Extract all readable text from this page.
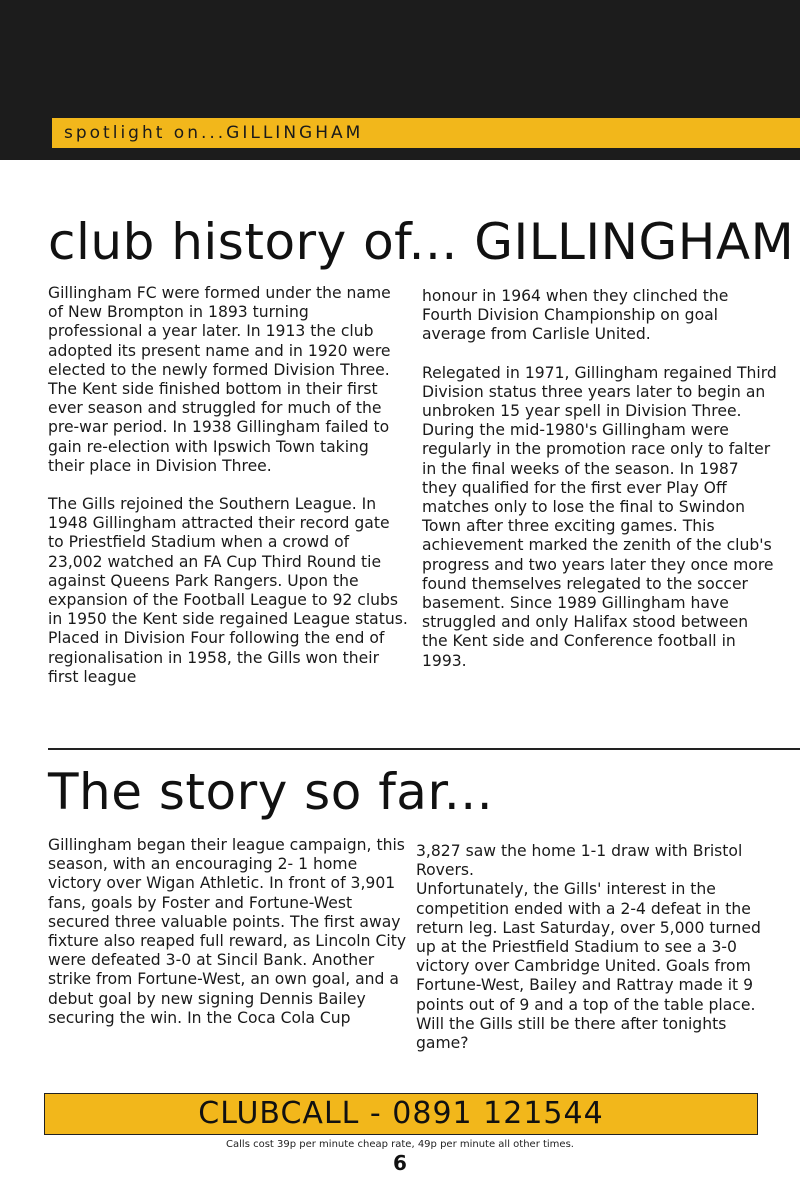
spotlight on...GILLINGHAM
club history of... GILLINGHAM

Gillingham FC were formed under the name of New Brompton in 1893 turning professional a year later. In 1913 the club adopted its present name and in 1920 were elected to the newly formed Division Three. The Kent side finished bottom in their first ever season and struggled for much of the pre-war period. In 1938 Gillingham failed to gain re-election with Ipswich Town taking their place in Division Three.

The Gills rejoined the Southern League. In 1948 Gillingham attracted their record gate to Priestfield Stadium when a crowd of 23,002 watched an FA Cup Third Round tie against Queens Park Rangers. Upon the expansion of the Football League to 92 clubs in 1950 the Kent side regained League status. Placed in Division Four following the end of regionalisation in 1958, the Gills won their first league

honour in 1964 when they clinched the Fourth Division Championship on goal average from Carlisle United.

Relegated in 1971, Gillingham regained Third Division status three years later to begin an unbroken 15 year spell in Division Three. During the mid-1980's Gillingham were regularly in the promotion race only to falter in the final weeks of the season. In 1987 they qualified for the first ever Play Off matches only to lose the final to Swindon Town after three exciting games. This achievement marked the zenith of the club's progress and two years later they once more found themselves relegated to the soccer basement. Since 1989 Gillingham have struggled and only Halifax stood between the Kent side and Conference football in 1993.

The story so far...

Gillingham began their league campaign, this season, with an encouraging 2- 1 home victory over Wigan Athletic. In front of 3,901 fans, goals by Foster and Fortune-West secured three valuable points. The first away fixture also reaped full reward, as Lincoln City were defeated 3-0 at Sincil Bank. Another strike from Fortune-West, an own goal, and a debut goal by new signing Dennis Bailey securing the win. In the Coca Cola Cup

3,827 saw the home 1-1 draw with Bristol Rovers.

Unfortunately, the Gills' interest in the competition ended with a 2-4 defeat in the return leg. Last Saturday, over 5,000 turned up at the Priestfield Stadium to see a 3-0 victory over Cambridge United. Goals from Fortune-West, Bailey and Rattray made it 9 points out of 9 and a top of the table place. Will the Gills still be there after tonights game?

CLUBCALL - 0891 121544
Calls cost 39p per minute cheap rate, 49p per minute all other times.
6
